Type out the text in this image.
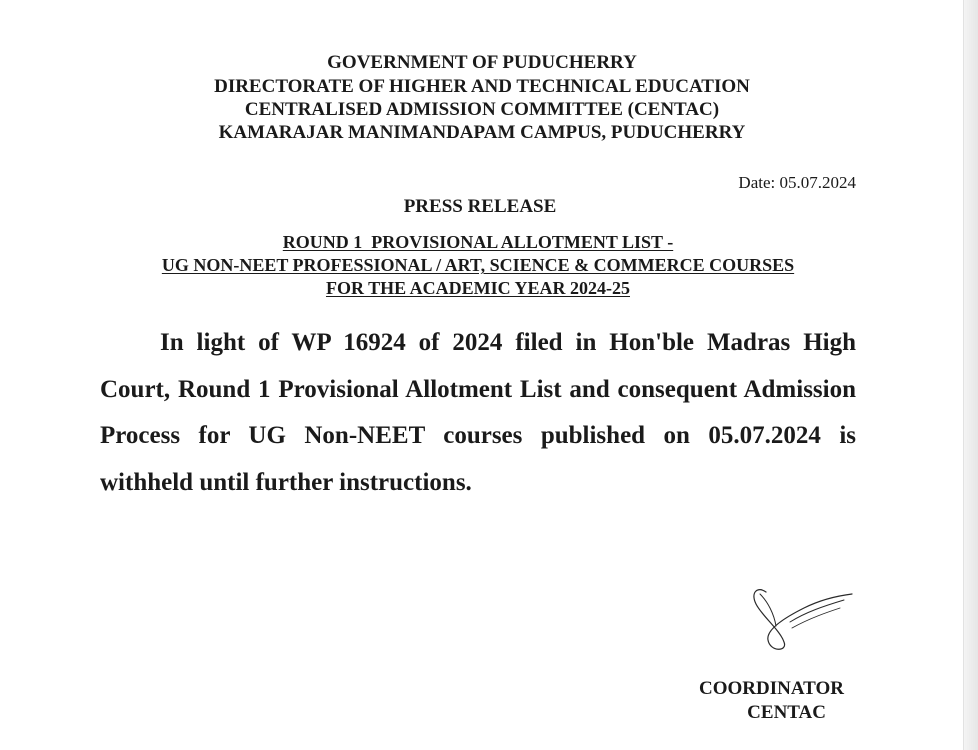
GOVERNMENT OF PUDUCHERRY
DIRECTORATE OF HIGHER AND TECHNICAL EDUCATION
CENTRALISED ADMISSION COMMITTEE (CENTAC)
KAMARAJAR MANIMANDAPAM CAMPUS, PUDUCHERRY
Date: 05.07.2024
PRESS RELEASE
ROUND 1  PROVISIONAL ALLOTMENT LIST -
UG NON-NEET PROFESSIONAL / ART, SCIENCE & COMMERCE COURSES
FOR THE ACADEMIC YEAR 2024-25

In light of WP 16924 of 2024 filed in Hon'ble Madras High Court, Round 1 Provisional Allotment List and consequent Admission Process for UG Non-NEET courses published on 05.07.2024 is withheld until further instructions.

COORDINATOR
CENTAC
